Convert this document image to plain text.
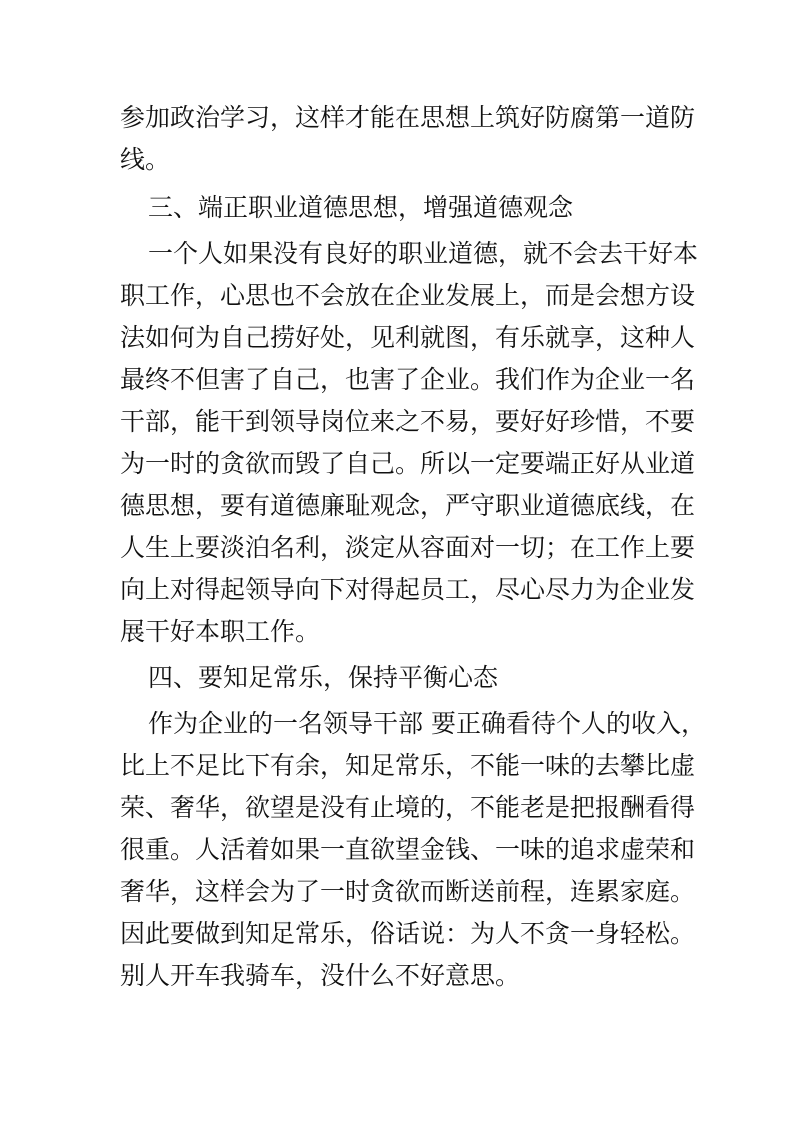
参加政治学习，这样才能在思想上筑好防腐第一道防
线。
三、端正职业道德思想，增强道德观念
一个人如果没有良好的职业道德，就不会去干好本
职工作，心思也不会放在企业发展上，而是会想方设
法如何为自己捞好处，见利就图，有乐就享，这种人
最终不但害了自己，也害了企业。我们作为企业一名
干部，能干到领导岗位来之不易，要好好珍惜，不要
为一时的贪欲而毁了自己。所以一定要端正好从业道
德思想，要有道德廉耻观念，严守职业道德底线，在
人生上要淡泊名利，淡定从容面对一切；在工作上要
向上对得起领导向下对得起员工，尽心尽力为企业发
展干好本职工作。
四、要知足常乐，保持平衡心态
作为企业的一名领导干部 要正确看待个人的收入，
比上不足比下有余，知足常乐，不能一味的去攀比虚
荣、奢华，欲望是没有止境的，不能老是把报酬看得
很重。人活着如果一直欲望金钱、一味的追求虚荣和
奢华，这样会为了一时贪欲而断送前程，连累家庭。
因此要做到知足常乐，俗话说：为人不贪一身轻松。
别人开车我骑车，没什么不好意思。
